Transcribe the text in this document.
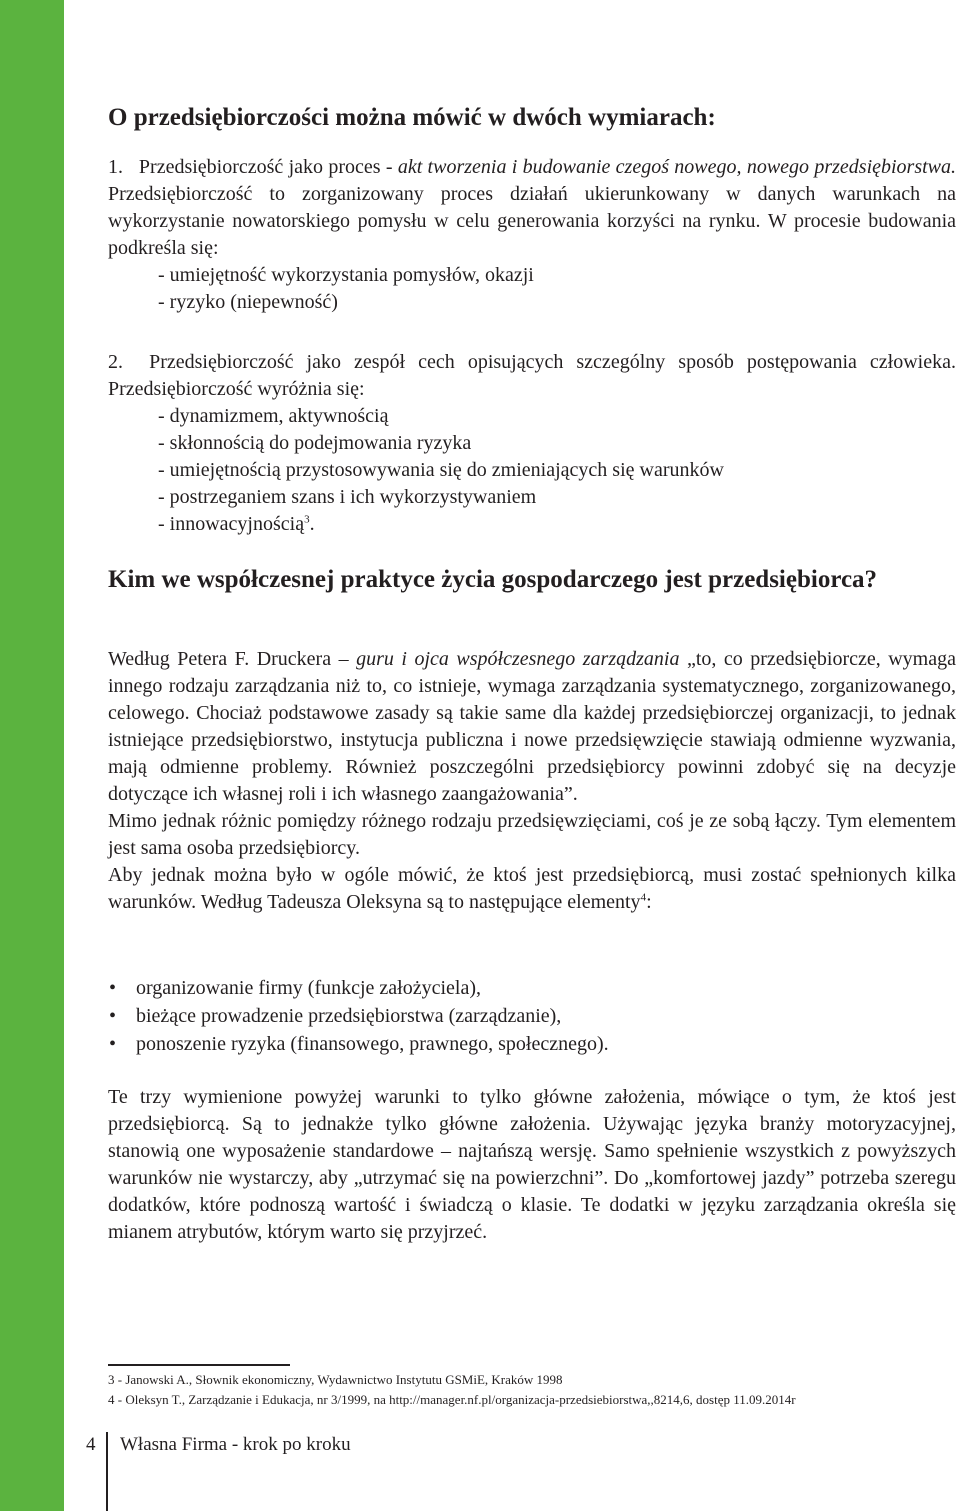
O przedsiębiorczości można mówić w dwóch wymiarach:

1. Przedsiębiorczość jako proces - akt tworzenia i budowanie czegoś nowego, nowego przedsiębiorstwa. Przedsiębiorczość to zorganizowany proces działań ukierunkowany w danych warunkach na wykorzystanie nowatorskiego pomysłu w celu generowania korzyści na rynku. W procesie budowania podkreśla się:

- umiejętność wykorzystania pomysłów, okazji
- ryzyko (niepewność)

2. Przedsiębiorczość jako zespół cech opisujących szczególny sposób postępowania człowieka. Przedsiębiorczość wyróżnia się:

- dynamizmem, aktywnością
- skłonnością do podejmowania ryzyka
- umiejętnością przystosowywania się do zmieniających się warunków
- postrzeganiem szans i ich wykorzystywaniem
- innowacyjnością$^3$.
Kim we współczesnej praktyce życia gospodarczego jest przedsiębiorca?

Według Petera F. Druckera – guru i ojca współczesnego zarządzania „to, co przedsiębiorcze, wymaga innego rodzaju zarządzania niż to, co istnieje, wymaga zarządzania systematycznego, zorganizowanego, celowego. Chociaż podstawowe zasady są takie same dla każdej przedsiębiorczej organizacji, to jednak istniejące przedsiębiorstwo, instytucja publiczna i nowe przedsięwzięcie stawiają odmienne wyzwania, mają odmienne problemy. Również poszczególni przedsiębiorcy powinni zdobyć się na decyzje dotyczące ich własnej roli i ich własnego zaangażowania”.

Mimo jednak różnic pomiędzy różnego rodzaju przedsięwzięciami, coś je ze sobą łączy. Tym elementem jest sama osoba przedsiębiorcy.

Aby jednak można było w ogóle mówić, że ktoś jest przedsiębiorcą, musi zostać spełnionych kilka warunków. Według Tadeusza Oleksyna są to następujące elementy$^4$:

• organizowanie firmy (funkcje założyciela),
• bieżące prowadzenie przedsiębiorstwa (zarządzanie),
• ponoszenie ryzyka (finansowego, prawnego, społecznego).

Te trzy wymienione powyżej warunki to tylko główne założenia, mówiące o tym, że ktoś jest przedsiębiorcą. Są to jednakże tylko główne założenia. Używając języka branży motoryzacyjnej, stanowią one wyposażenie standardowe – najtańszą wersję. Samo spełnienie wszystkich z powyższych warunków nie wystarczy, aby „utrzymać się na powierzchni”. Do „komfortowej jazdy” potrzeba szeregu dodatków, które podnoszą wartość i świadczą o klasie. Te dodatki w języku zarządzania określa się mianem atrybutów, którym warto się przyjrzeć.

3 - Janowski A., Słownik ekonomiczny, Wydawnictwo Instytutu GSMiE, Kraków 1998
4 - Oleksyn T., Zarządzanie i Edukacja, nr 3/1999, na http://manager.nf.pl/organizacja-przedsiebiorstwa,,8214,6, dostęp 11.09.2014r
4 Własna Firma - krok po kroku
